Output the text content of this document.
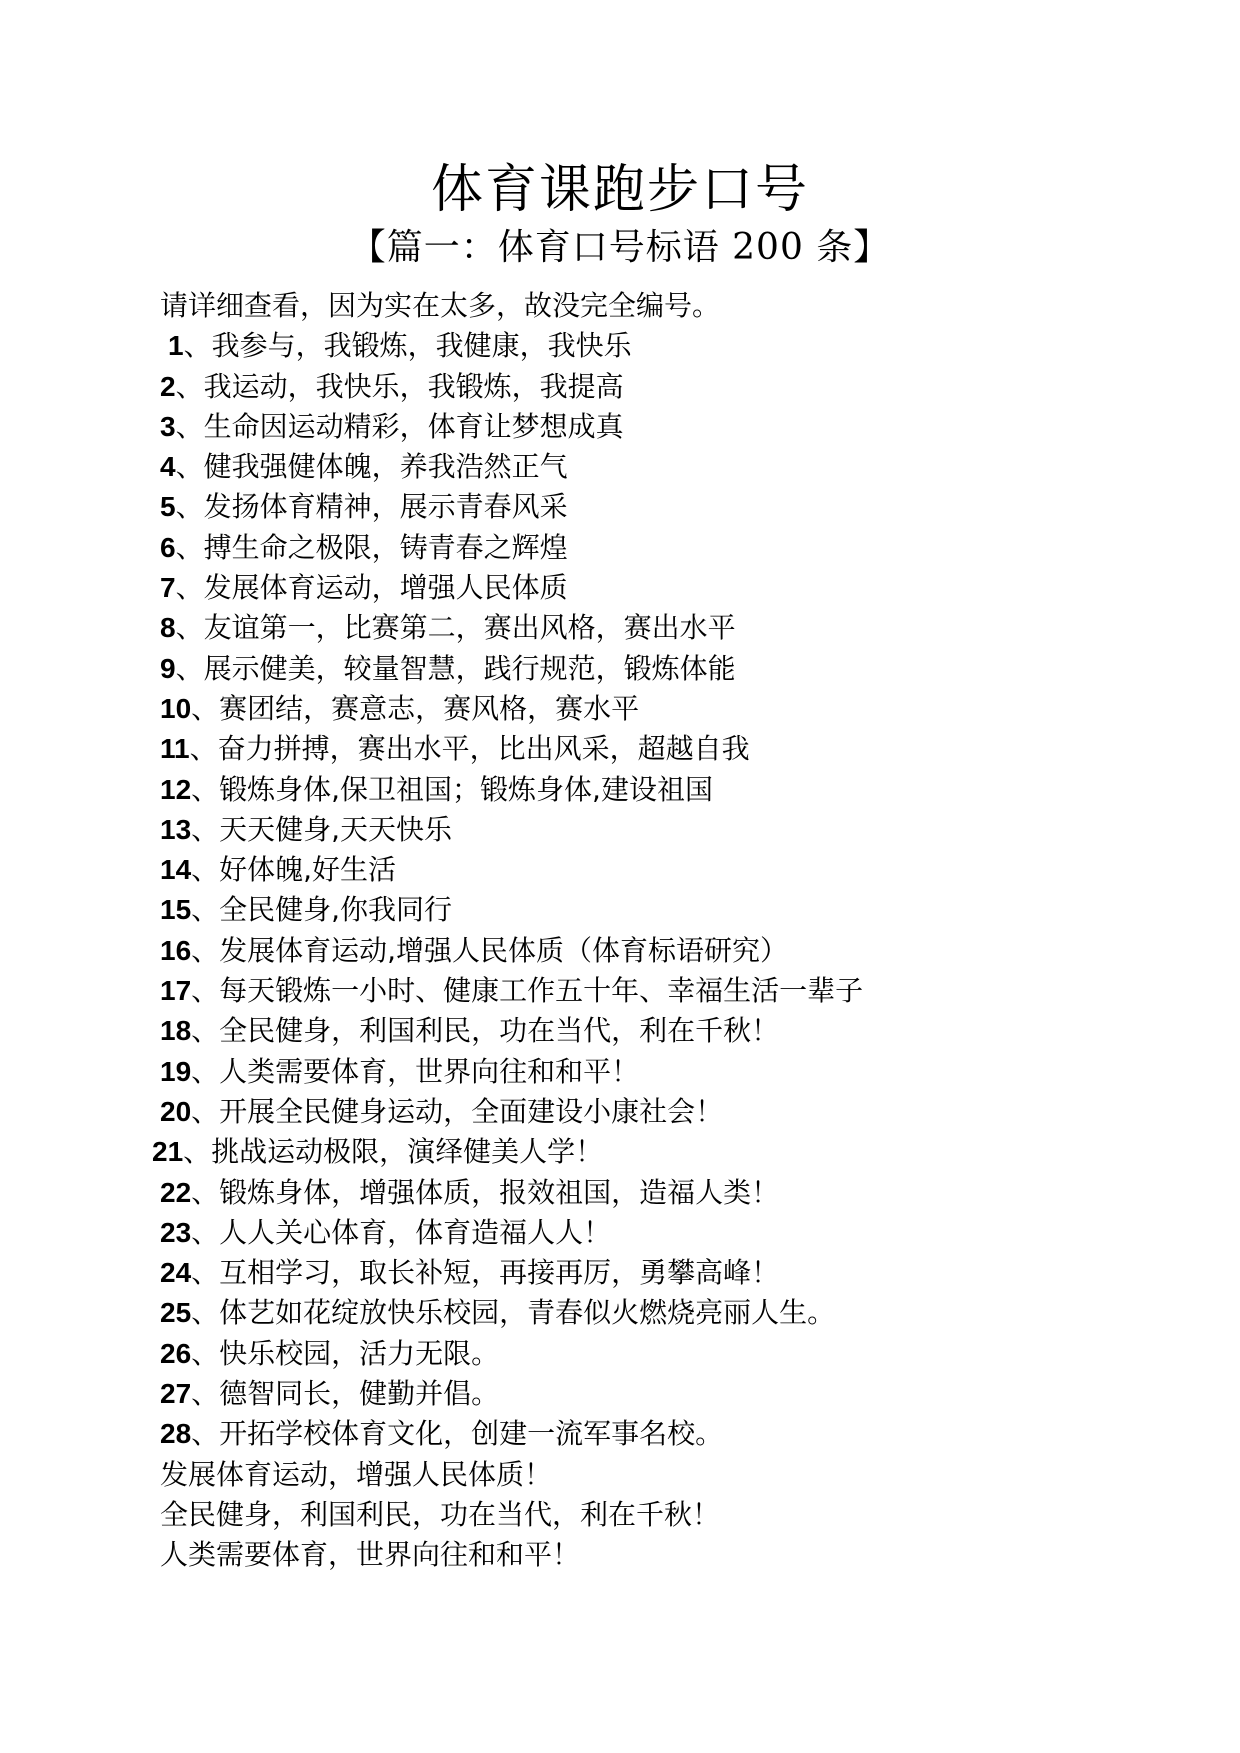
体育课跑步口号
【篇一：体育口号标语 200 条】
请详细查看，因为实在太多，故没完全编号。
1、我参与，我锻炼，我健康，我快乐
2、我运动，我快乐，我锻炼，我提高
3、生命因运动精彩，体育让梦想成真
4、健我强健体魄，养我浩然正气
5、发扬体育精神，展示青春风采
6、搏生命之极限，铸青春之辉煌
7、发展体育运动，增强人民体质
8、友谊第一，比赛第二，赛出风格，赛出水平
9、展示健美，较量智慧，践行规范，锻炼体能
10、赛团结，赛意志，赛风格，赛水平
11、奋力拼搏，赛出水平，比出风采，超越自我
12、锻炼身体,保卫祖国；锻炼身体,建设祖国
13、天天健身,天天快乐
14、好体魄,好生活
15、全民健身,你我同行
16、发展体育运动,增强人民体质（体育标语研究）
17、每天锻炼一小时、健康工作五十年、幸福生活一辈子
18、全民健身，利国利民，功在当代，利在千秋！
19、人类需要体育，世界向往和和平！
20、开展全民健身运动，全面建设小康社会！
21、挑战运动极限，演绎健美人学！
22、锻炼身体，增强体质，报效祖国，造福人类！
23、人人关心体育，体育造福人人！
24、互相学习，取长补短，再接再厉，勇攀高峰！
25、体艺如花绽放快乐校园，青春似火燃烧亮丽人生。
26、快乐校园，活力无限。
27、德智同长，健勤并倡。
28、开拓学校体育文化，创建一流军事名校。
发展体育运动，增强人民体质！
全民健身，利国利民，功在当代，利在千秋！
人类需要体育，世界向往和和平！
